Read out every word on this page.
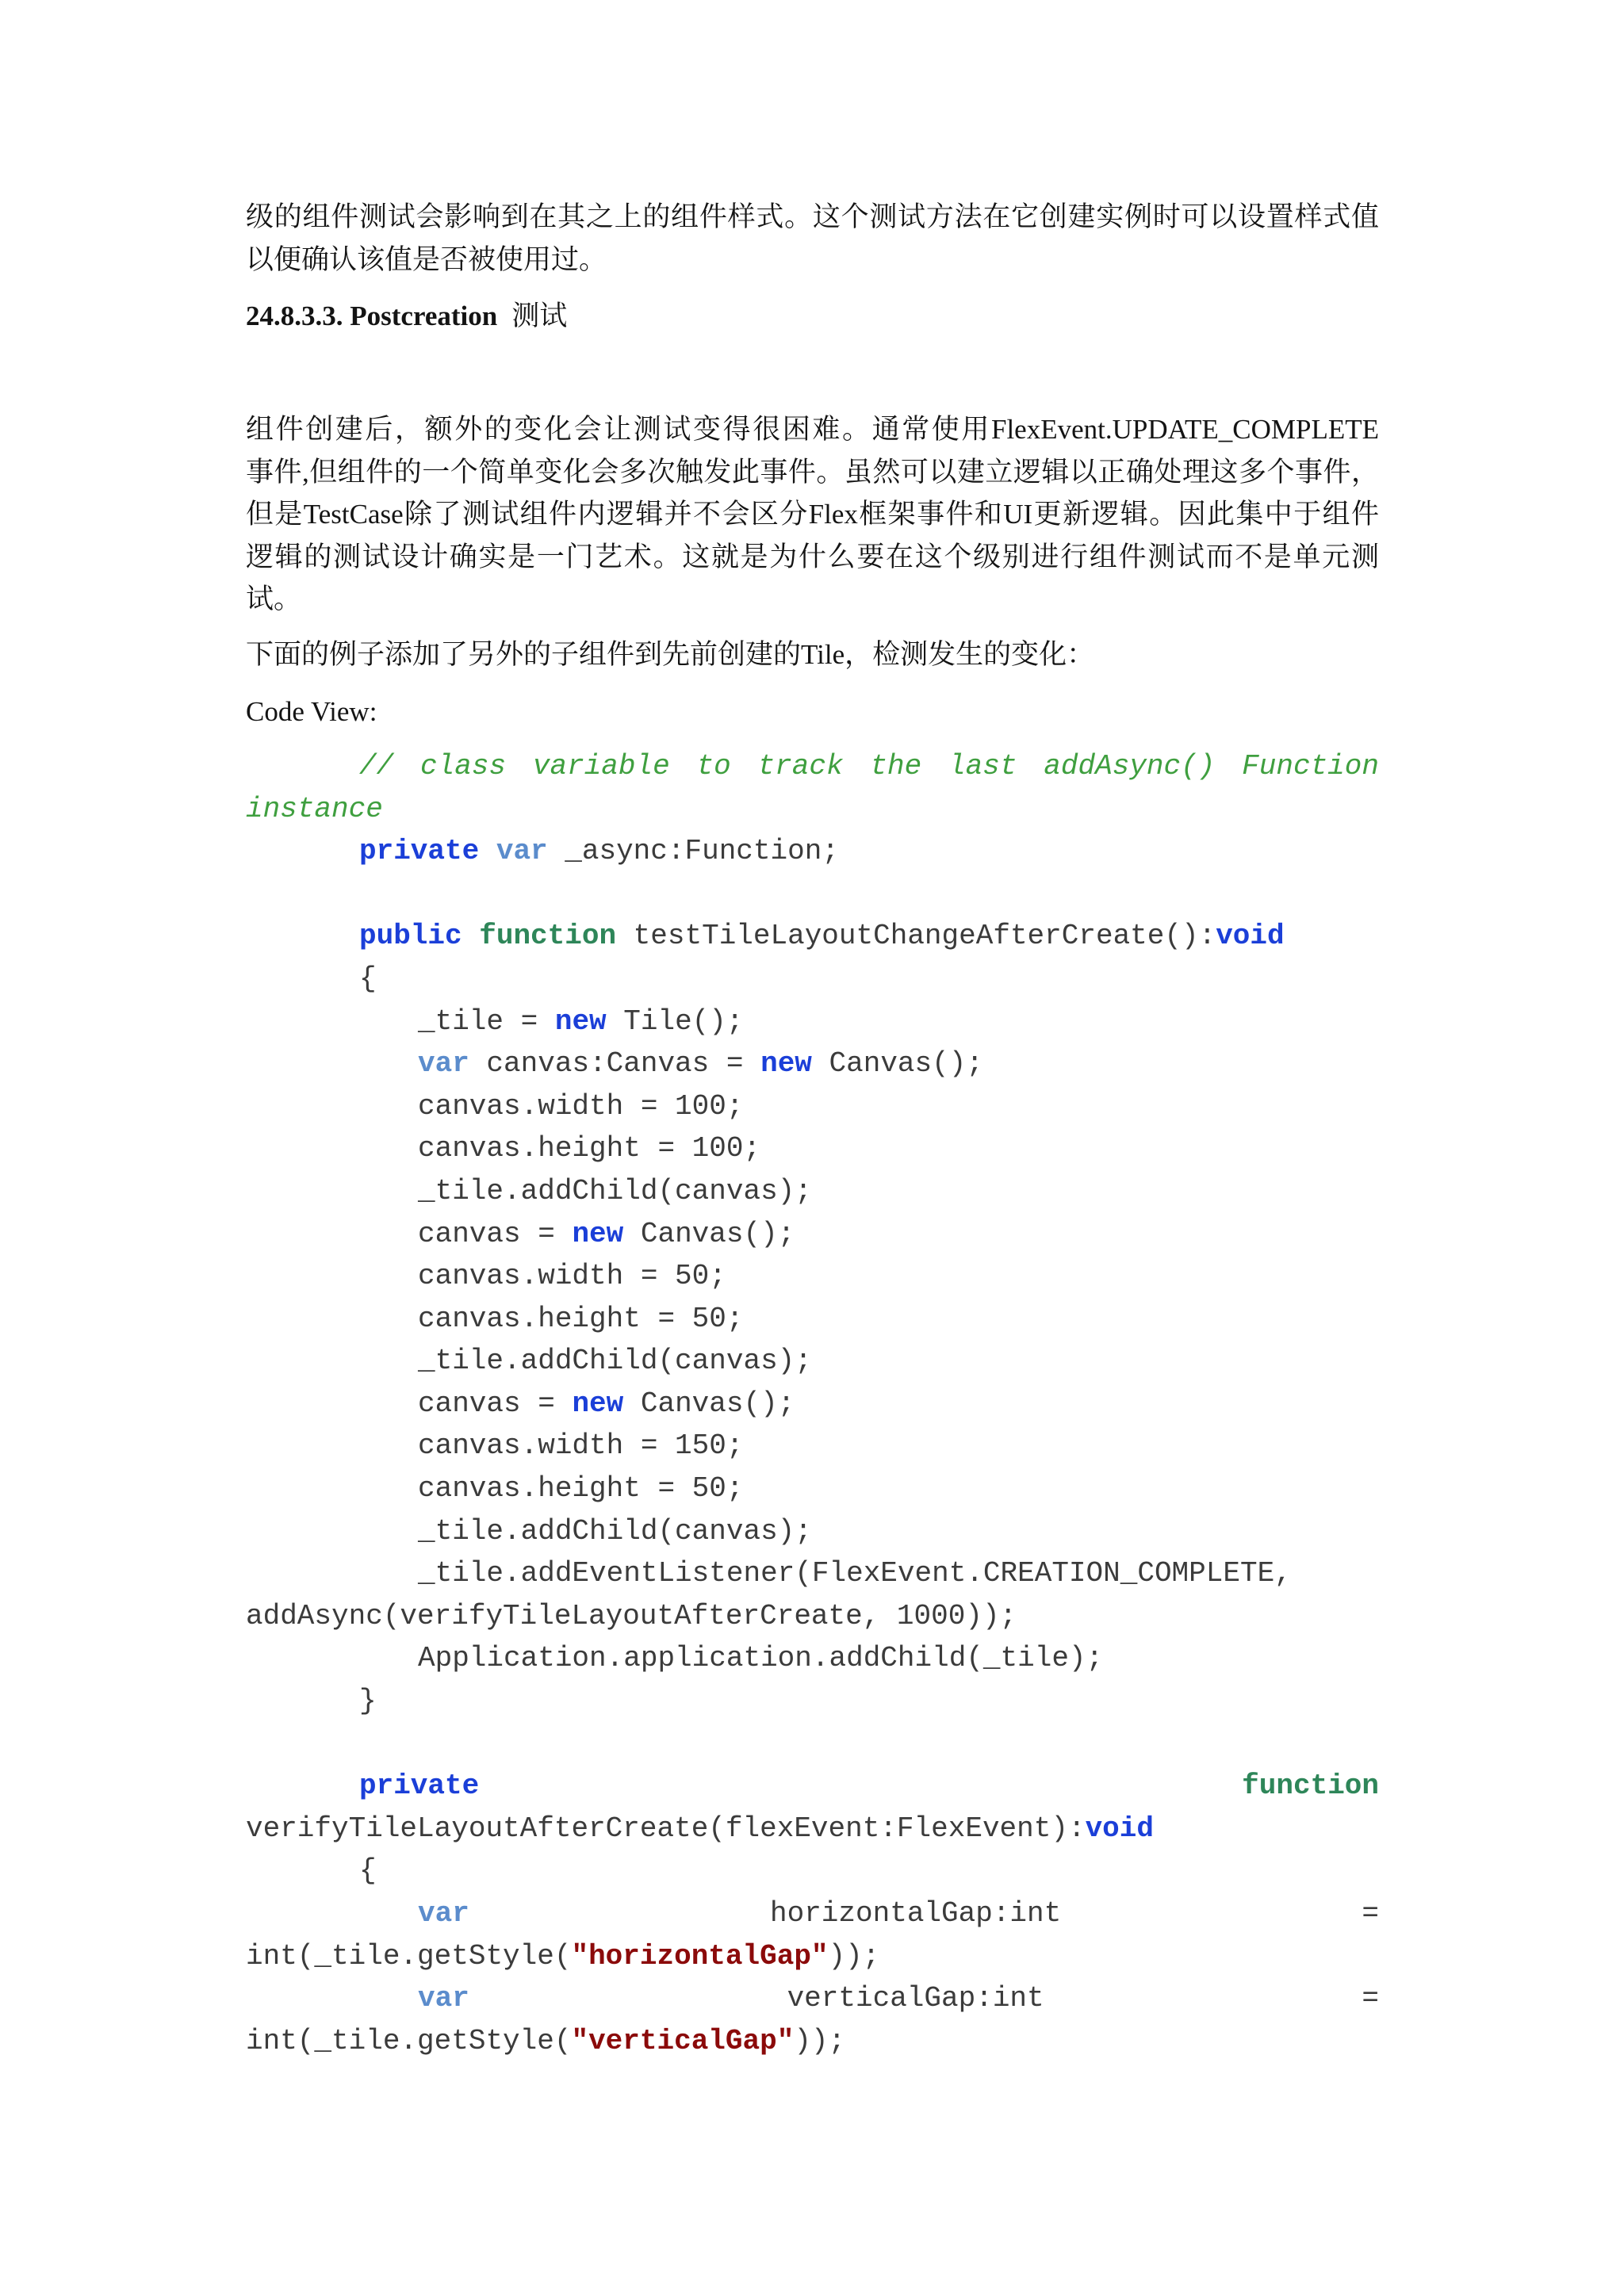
级的组件测试会影响到在其之上的组件样式。这个测试方法在它创建实例时可以设置样式值
以便确认该值是否被使用过。
24.8.3.3. Postcreation 测试
组件创建后，额外的变化会让测试变得很困难。通常使用FlexEvent.UPDATE_COMPLETE
事件,但组件的一个简单变化会多次触发此事件。虽然可以建立逻辑以正确处理这多个事件，
但是TestCase除了测试组件内逻辑并不会区分Flex框架事件和UI更新逻辑。因此集中于组件
逻辑的测试设计确实是一门艺术。这就是为什么要在这个级别进行组件测试而不是单元测
试。
下面的例子添加了另外的子组件到先前创建的Tile，检测发生的变化：
Code View:
// class variable to track the last addAsync() Function
instance
private var _async:Function;
public function testTileLayoutChangeAfterCreate():void
{
_tile = new Tile();
var canvas:Canvas = new Canvas();
canvas.width = 100;
canvas.height = 100;
_tile.addChild(canvas);
canvas = new Canvas();
canvas.width = 50;
canvas.height = 50;
_tile.addChild(canvas);
canvas = new Canvas();
canvas.width = 150;
canvas.height = 50;
_tile.addChild(canvas);
_tile.addEventListener(FlexEvent.CREATION_COMPLETE,
addAsync(verifyTileLayoutAfterCreate, 1000));
Application.application.addChild(_tile);
}
private	function
verifyTileLayoutAfterCreate(flexEvent:FlexEvent):void
{
var	horizontalGap:int =
int(_tile.getStyle("horizontalGap"));
var	verticalGap:int =
int(_tile.getStyle("verticalGap"));
